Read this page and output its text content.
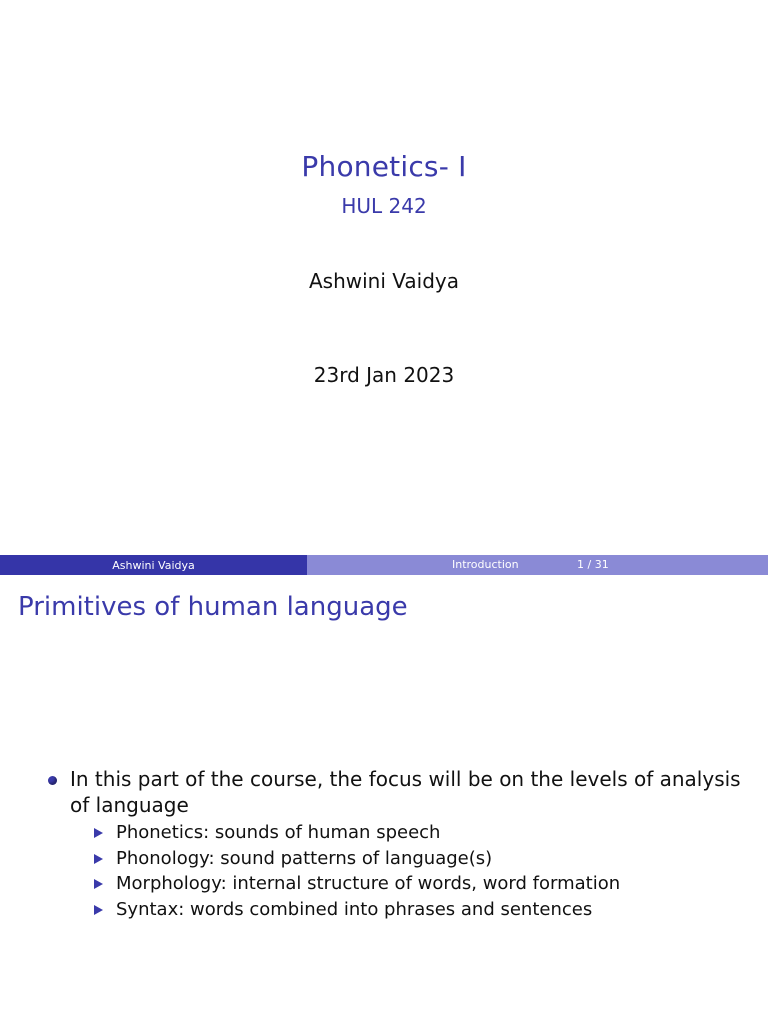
Phonetics- I
HUL 242
Ashwini Vaidya
23rd Jan 2023
Ashwini Vaidya	Introduction	1 / 31
Primitives of human language
In this part of the course, the focus will be on the levels of analysis of language
Phonetics: sounds of human speech
Phonology: sound patterns of language(s)
Morphology: internal structure of words, word formation
Syntax: words combined into phrases and sentences
